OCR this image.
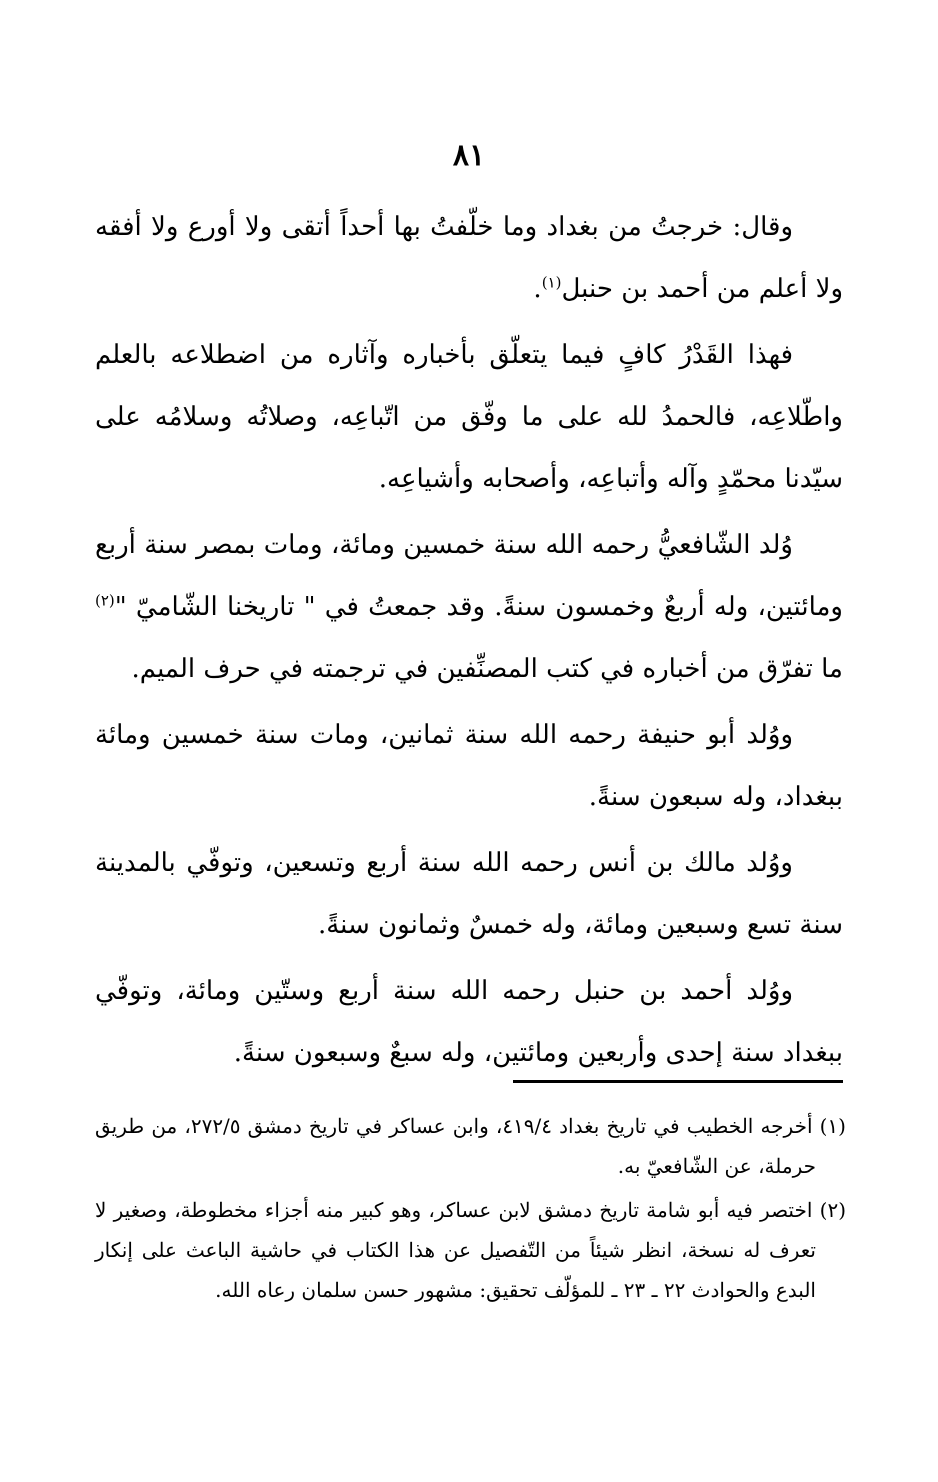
٨١

وقال: خرجتُ من بغداد وما خلّفتُ بها أحداً أتقى ولا أورع ولا أفقه ولا أعلم من أحمد بن حنبل$^{(١)}$.

فهذا القَدْرُ كافٍ فيما يتعلّق بأخباره وآثاره من اضطلاعه بالعلم واطّلاعِه، فالحمدُ لله على ما وفّق من اتّباعِه، وصلاتُه وسلامُه على سيّدنا محمّدٍ وآله وأتباعِه، وأصحابه وأشياعِه.

وُلد الشّافعيُّ رحمه الله سنة خمسين ومائة، ومات بمصر سنة أربع ومائتين، وله أربعٌ وخمسون سنةً. وقد جمعتُ في " تاريخنا الشّاميّ "$^{(٢)}$ ما تفرّق من أخباره في كتب المصنِّفين في ترجمته في حرف الميم.

ووُلد أبو حنيفة رحمه الله سنة ثمانين، ومات سنة خمسين ومائة ببغداد، وله سبعون سنةً.

ووُلد مالك بن أنس رحمه الله سنة أربع وتسعين، وتوفّي بالمدينة سنة تسع وسبعين ومائة، وله خمسٌ وثمانون سنةً.

ووُلد أحمد بن حنبل رحمه الله سنة أربع وستّين ومائة، وتوفّي ببغداد سنة إحدى وأربعين ومائتين، وله سبعٌ وسبعون سنةً.

(١) أخرجه الخطيب في تاريخ بغداد ٤١٩/٤، وابن عساكر في تاريخ دمشق ٢٧٢/٥، من طريق حرملة، عن الشّافعيّ به.

(٢) اختصر فيه أبو شامة تاريخ دمشق لابن عساكر، وهو كبير منه أجزاء مخطوطة، وصغير لا تعرف له نسخة، انظر شيئاً من التّفصيل عن هذا الكتاب في حاشية الباعث على إنكار البدع والحوادث ٢٢ ـ ٢٣ ـ للمؤلّف تحقيق: مشهور حسن سلمان رعاه الله.
